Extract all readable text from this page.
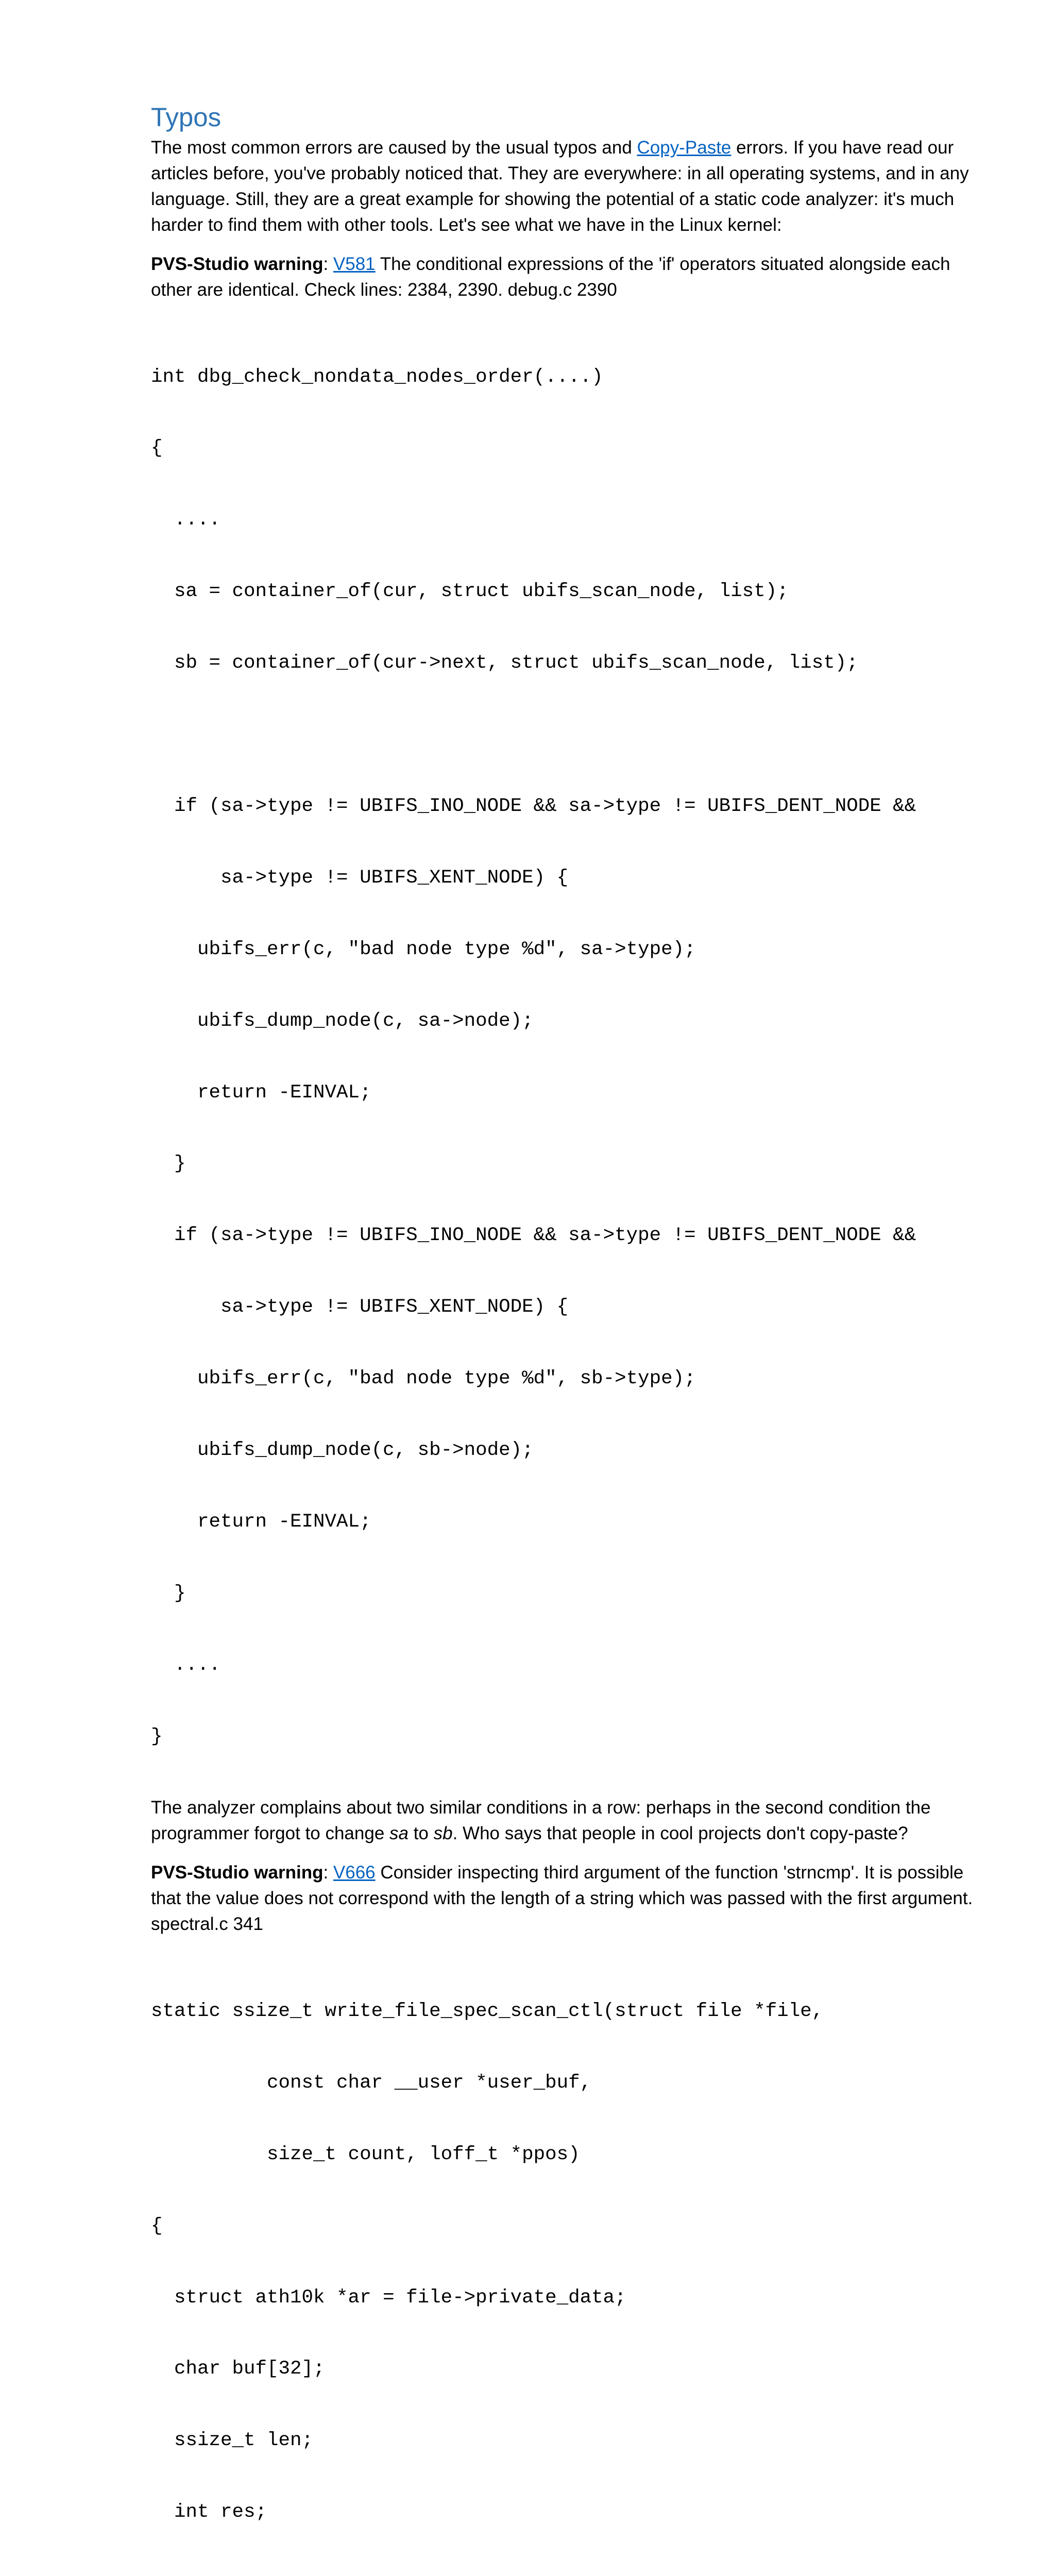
Typos

The most common errors are caused by the usual typos and Copy-Paste errors. If you have read our articles before, you've probably noticed that. They are everywhere: in all operating systems, and in any language. Still, they are a great example for showing the potential of a static code analyzer: it's much harder to find them with other tools. Let's see what we have in the Linux kernel:

PVS-Studio warning: V581 The conditional expressions of the 'if' operators situated alongside each other are identical. Check lines: 2384, 2390. debug.c 2390

int dbg_check_nondata_nodes_order(....)

{

....

sa = container_of(cur, struct ubifs_scan_node, list);

sb = container_of(cur->next, struct ubifs_scan_node, list);

if (sa->type != UBIFS_INO_NODE && sa->type != UBIFS_DENT_NODE &&

sa->type != UBIFS_XENT_NODE) {

ubifs_err(c, "bad node type %d", sa->type);

ubifs_dump_node(c, sa->node);

return -EINVAL;

}

if (sa->type != UBIFS_INO_NODE && sa->type != UBIFS_DENT_NODE &&

sa->type != UBIFS_XENT_NODE) {

ubifs_err(c, "bad node type %d", sb->type);

ubifs_dump_node(c, sb->node);

return -EINVAL;

}

....

}

The analyzer complains about two similar conditions in a row: perhaps in the second condition the programmer forgot to change sa to sb. Who says that people in cool projects don't copy-paste?

PVS-Studio warning: V666 Consider inspecting third argument of the function 'strncmp'. It is possible that the value does not correspond with the length of a string which was passed with the first argument. spectral.c 341

static ssize_t write_file_spec_scan_ctl(struct file *file,

const char __user *user_buf,

size_t count, loff_t *ppos)

{

struct ath10k *ar = file->private_data;

char buf[32];

ssize_t len;

int res;
